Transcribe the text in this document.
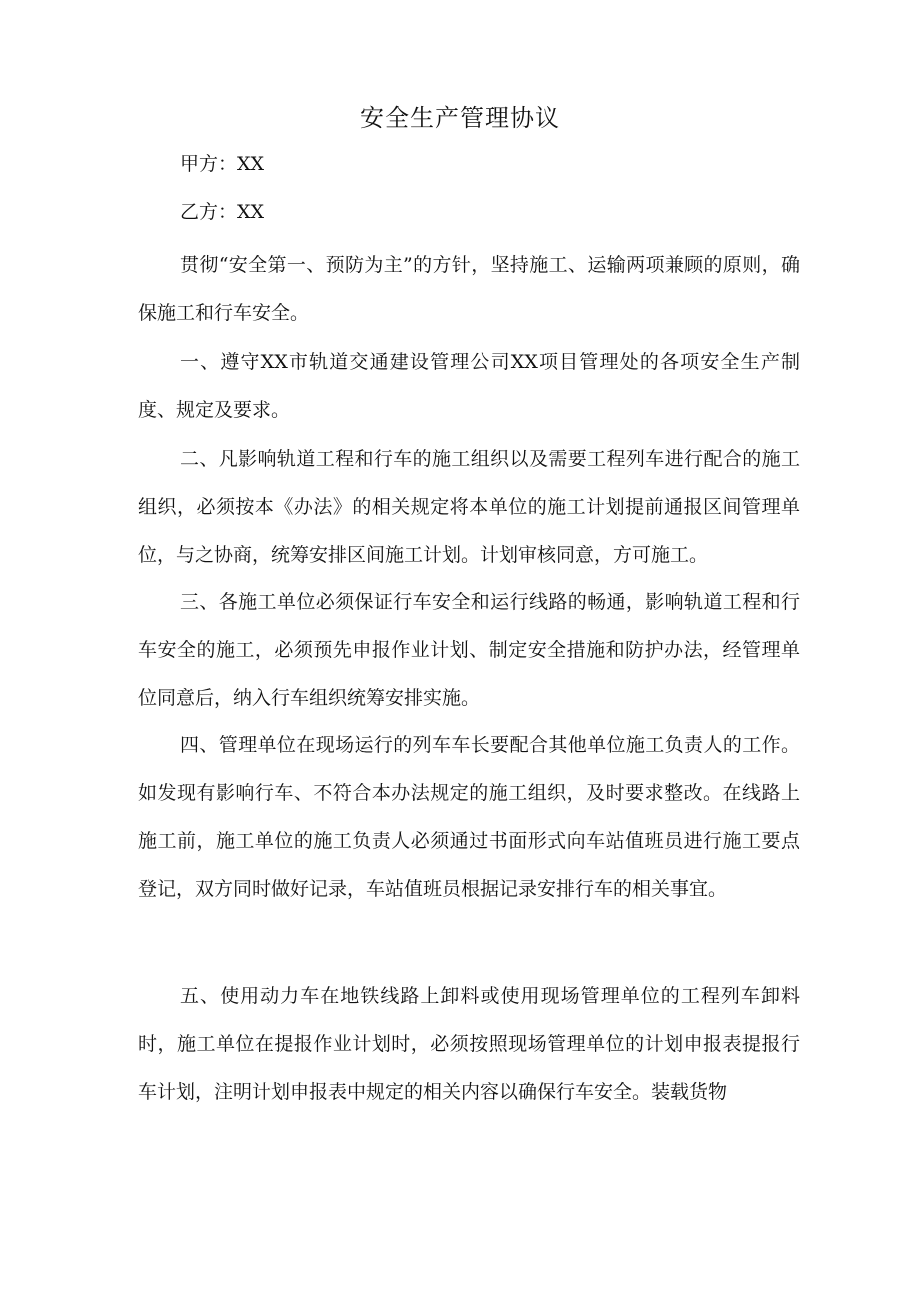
安全生产管理协议
甲方：XX
乙方：XX
贯彻“安全第一、预防为主”的方针，坚持施工、运输两项兼顾的原则，确保施工和行车安全。
一、遵守XX市轨道交通建设管理公司XX项目管理处的各项安全生产制度、规定及要求。
二、凡影响轨道工程和行车的施工组织以及需要工程列车进行配合的施工组织，必须按本《办法》的相关规定将本单位的施工计划提前通报区间管理单位，与之协商，统筹安排区间施工计划。计划审核同意，方可施工。
三、各施工单位必须保证行车安全和运行线路的畅通，影响轨道工程和行车安全的施工，必须预先申报作业计划、制定安全措施和防护办法，经管理单位同意后，纳入行车组织统筹安排实施。
四、管理单位在现场运行的列车车长要配合其他单位施工负责人的工作。如发现有影响行车、不符合本办法规定的施工组织，及时要求整改。在线路上施工前，施工单位的施工负责人必须通过书面形式向车站值班员进行施工要点登记，双方同时做好记录，车站值班员根据记录安排行车的相关事宜。
五、使用动力车在地铁线路上卸料或使用现场管理单位的工程列车卸料时，施工单位在提报作业计划时，必须按照现场管理单位的计划申报表提报行车计划，注明计划申报表中规定的相关内容以确保行车安全。装载货物
